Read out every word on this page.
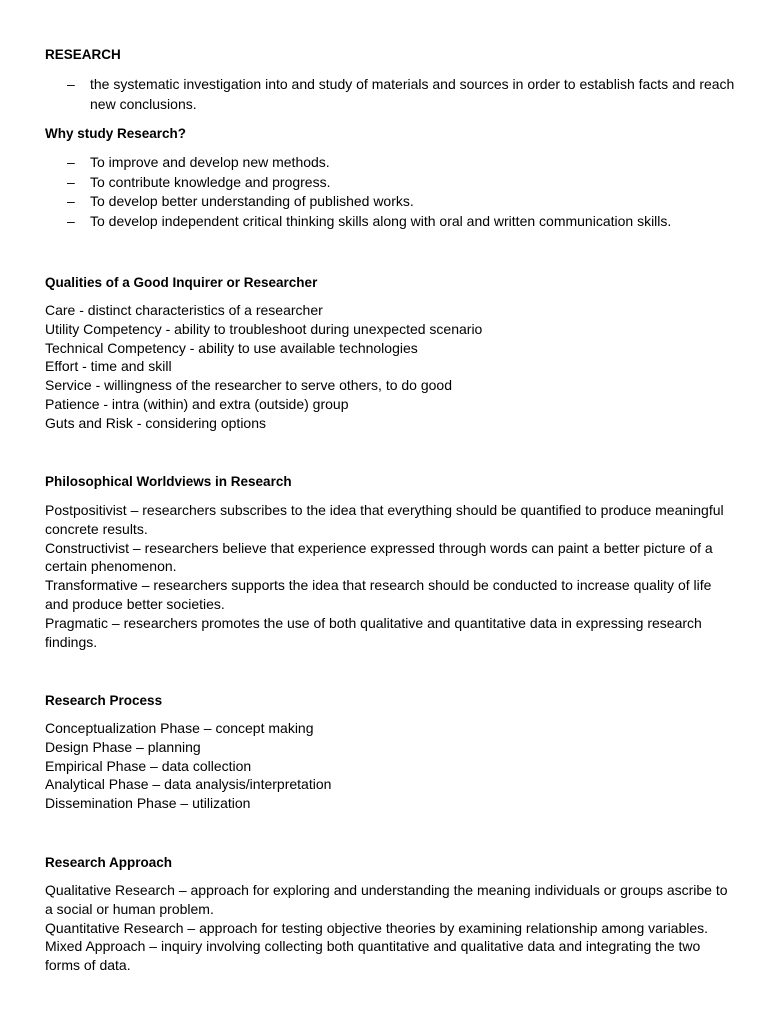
RESEARCH
– the systematic investigation into and study of materials and sources in order to establish facts and reach new conclusions.
Why study Research?
– To improve and develop new methods.
– To contribute knowledge and progress.
– To develop better understanding of published works.
– To develop independent critical thinking skills along with oral and written communication skills.
Qualities of a Good Inquirer or Researcher
Care - distinct characteristics of a researcher
Utility Competency - ability to troubleshoot during unexpected scenario
Technical Competency - ability to use available technologies
Effort - time and skill
Service - willingness of the researcher to serve others, to do good
Patience - intra (within) and extra (outside) group
Guts and Risk - considering options
Philosophical Worldviews in Research
Postpositivist – researchers subscribes to the idea that everything should be quantified to produce meaningful concrete results.
Constructivist – researchers believe that experience expressed through words can paint a better picture of a certain phenomenon.
Transformative – researchers supports the idea that research should be conducted to increase quality of life and produce better societies.
Pragmatic – researchers promotes the use of both qualitative and quantitative data in expressing research findings.
Research Process
Conceptualization Phase – concept making
Design Phase – planning
Empirical Phase – data collection
Analytical Phase – data analysis/interpretation
Dissemination Phase – utilization
Research Approach
Qualitative Research – approach for exploring and understanding the meaning individuals or groups ascribe to a social or human problem.
Quantitative Research – approach for testing objective theories by examining relationship among variables.
Mixed Approach – inquiry involving collecting both quantitative and qualitative data and integrating the two forms of data.
